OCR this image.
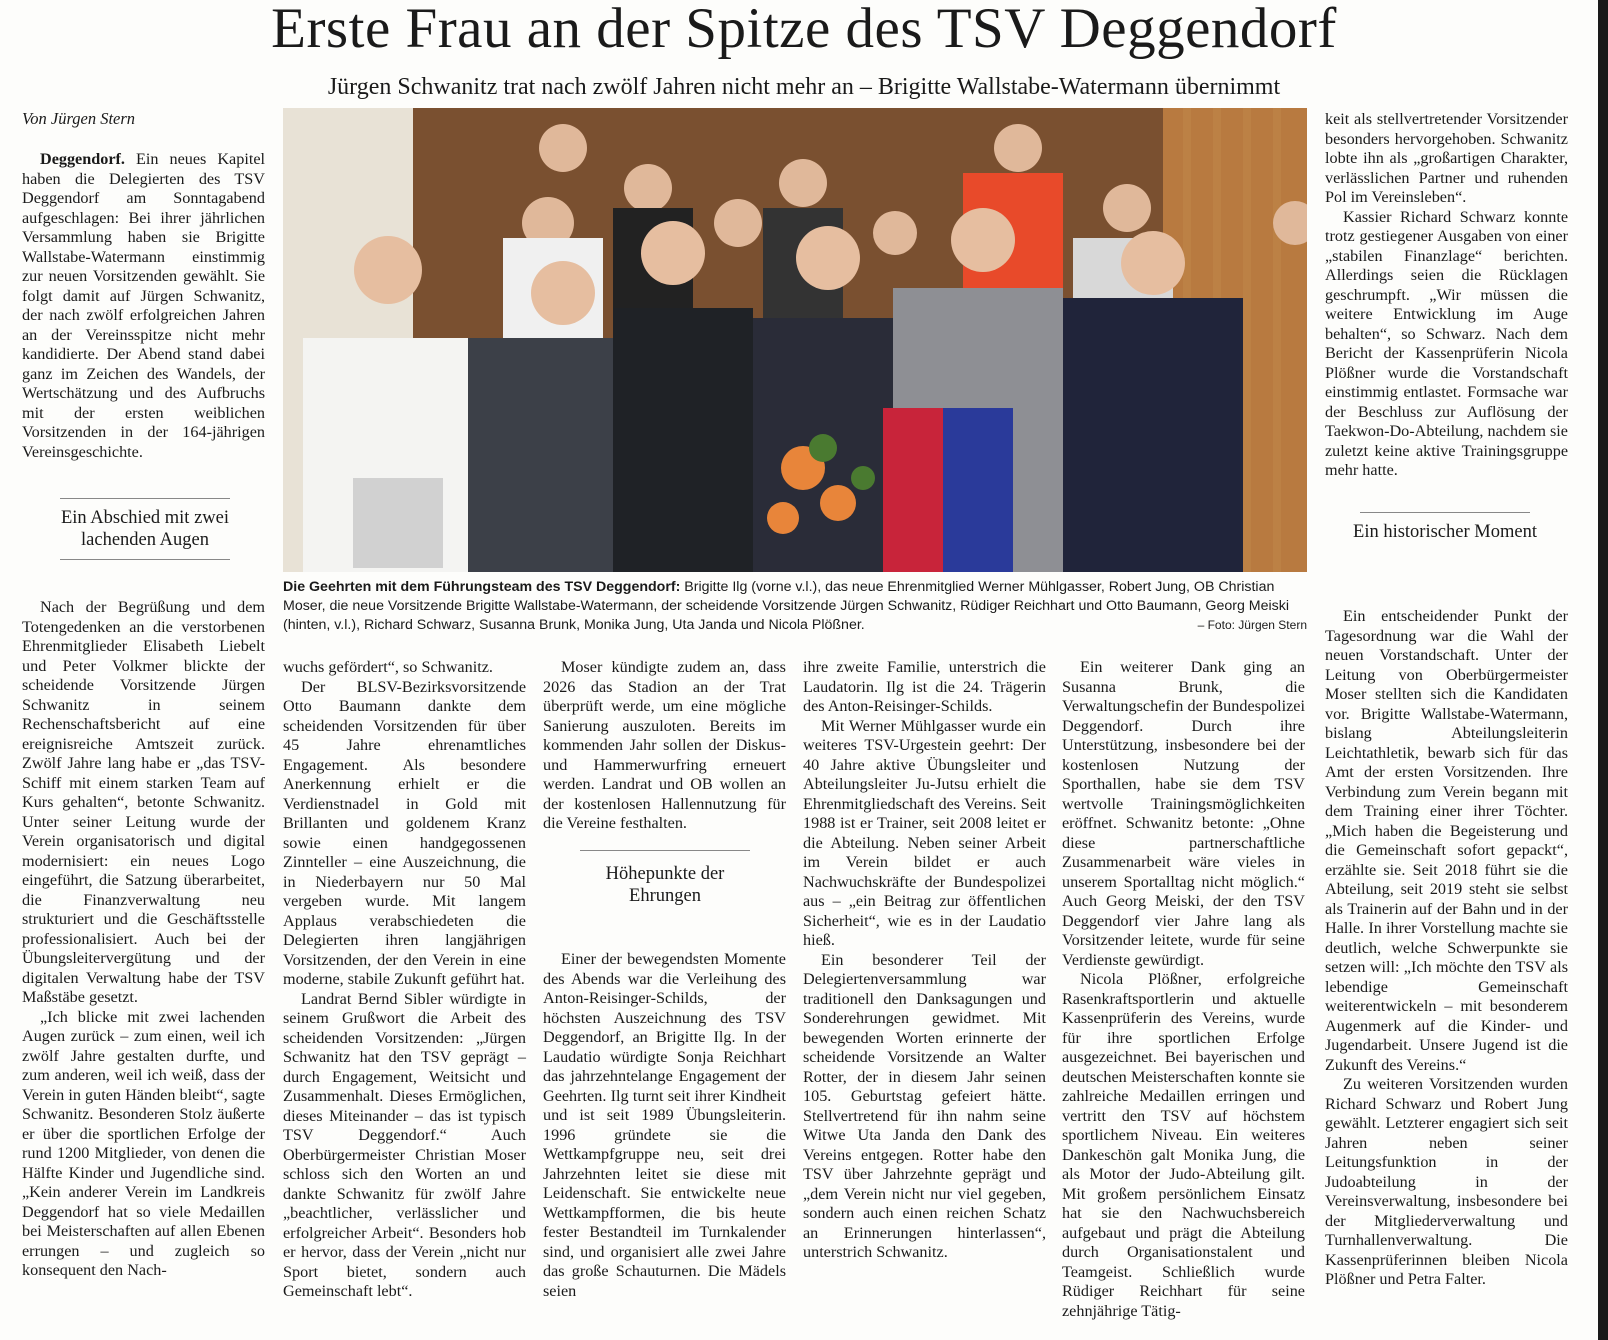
Erste Frau an der Spitze des TSV Deggendorf
Jürgen Schwanitz trat nach zwölf Jahren nicht mehr an – Brigitte Wallstabe-Watermann übernimmt
Von Jürgen Stern

Deggendorf. Ein neues Kapitel haben die Delegierten des TSV Deggendorf am Sonntagabend aufgeschlagen: Bei ihrer jährlichen Versammlung haben sie Brigitte Wallstabe-Watermann einstimmig zur neuen Vorsitzenden gewählt. Sie folgt damit auf Jürgen Schwanitz, der nach zwölf erfolgreichen Jahren an der Vereinsspitze nicht mehr kandidierte. Der Abend stand dabei ganz im Zeichen des Wandels, der Wertschätzung und des Aufbruchs mit der ersten weiblichen Vorsitzenden in der 164-jährigen Vereinsgeschichte.

Ein Abschied mit zwei lachenden Augen

Nach der Begrüßung und dem Totengedenken an die verstorbenen Ehrenmitglieder Elisabeth Liebelt und Peter Volkmer blickte der scheidende Vorsitzende Jürgen Schwanitz in seinem Rechenschaftsbericht auf eine ereignisreiche Amtszeit zurück. Zwölf Jahre lang habe er „das TSV-Schiff mit einem starken Team auf Kurs gehalten“, betonte Schwanitz. Unter seiner Leitung wurde der Verein organisatorisch und digital modernisiert: ein neues Logo eingeführt, die Satzung überarbeitet, die Finanzverwaltung neu strukturiert und die Geschäftsstelle professionalisiert. Auch bei der Übungsleitervergütung und der digitalen Verwaltung habe der TSV Maßstäbe gesetzt.

„Ich blicke mit zwei lachenden Augen zurück – zum einen, weil ich zwölf Jahre gestalten durfte, und zum anderen, weil ich weiß, dass der Verein in guten Händen bleibt“, sagte Schwanitz. Besonderen Stolz äußerte er über die sportlichen Erfolge der rund 1200 Mitglieder, von denen die Hälfte Kinder und Jugendliche sind. „Kein anderer Verein im Landkreis Deggendorf hat so viele Medaillen bei Meisterschaften auf allen Ebenen errungen – und zugleich so konsequent den Nach-

Die Geehrten mit dem Führungsteam des TSV Deggendorf: Brigitte Ilg (vorne v.l.), das neue Ehrenmitglied Werner Mühlgasser, Robert Jung, OB Christian Moser, die neue Vorsitzende Brigitte Wallstabe-Watermann, der scheidende Vorsitzende Jürgen Schwanitz, Rüdiger Reichhart und Otto Baumann, Georg Meiski (hinten, v.l.), Richard Schwarz, Susanna Brunk, Monika Jung, Uta Janda und Nicola Plößner.	– Foto: Jürgen Stern

wuchs gefördert“, so Schwanitz.

Der BLSV-Bezirksvorsitzende Otto Baumann dankte dem scheidenden Vorsitzenden für über 45 Jahre ehrenamtliches Engagement. Als besondere Anerkennung erhielt er die Verdienstnadel in Gold mit Brillanten und goldenem Kranz sowie einen handgegossenen Zinnteller – eine Auszeichnung, die in Niederbayern nur 50 Mal vergeben wurde. Mit langem Applaus verabschiedeten die Delegierten ihren langjährigen Vorsitzenden, der den Verein in eine moderne, stabile Zukunft geführt hat.

Landrat Bernd Sibler würdigte in seinem Grußwort die Arbeit des scheidenden Vorsitzenden: „Jürgen Schwanitz hat den TSV geprägt – durch Engagement, Weitsicht und Zusammenhalt. Dieses Ermöglichen, dieses Miteinander – das ist typisch TSV Deggendorf.“ Auch Oberbürgermeister Christian Moser schloss sich den Worten an und dankte Schwanitz für zwölf Jahre „beachtlicher, verlässlicher und erfolgreicher Arbeit“. Besonders hob er hervor, dass der Verein „nicht nur Sport bietet, sondern auch Gemeinschaft lebt“.

Moser kündigte zudem an, dass 2026 das Stadion an der Trat überprüft werde, um eine mögliche Sanierung auszuloten. Bereits im kommenden Jahr sollen der Diskus- und Hammerwurfring erneuert werden. Landrat und OB wollen an der kostenlosen Hallennutzung für die Vereine festhalten.

Höhepunkte der Ehrungen

Einer der bewegendsten Momente des Abends war die Verleihung des Anton-Reisinger-Schilds, der höchsten Auszeichnung des TSV Deggendorf, an Brigitte Ilg. In der Laudatio würdigte Sonja Reichhart das jahrzehntelange Engagement der Geehrten. Ilg turnt seit ihrer Kindheit und ist seit 1989 Übungsleiterin. 1996 gründete sie die Wettkampfgruppe neu, seit drei Jahrzehnten leitet sie diese mit Leidenschaft. Sie entwickelte neue Wettkampfformen, die bis heute fester Bestandteil im Turnkalender sind, und organisiert alle zwei Jahre das große Schauturnen. Die Mädels seien

ihre zweite Familie, unterstrich die Laudatorin. Ilg ist die 24. Trägerin des Anton-Reisinger-Schilds.

Mit Werner Mühlgasser wurde ein weiteres TSV-Urgestein geehrt: Der 40 Jahre aktive Übungsleiter und Abteilungsleiter Ju-Jutsu erhielt die Ehrenmitgliedschaft des Vereins. Seit 1988 ist er Trainer, seit 2008 leitet er die Abteilung. Neben seiner Arbeit im Verein bildet er auch Nachwuchskräfte der Bundespolizei aus – „ein Beitrag zur öffentlichen Sicherheit“, wie es in der Laudatio hieß.

Ein besonderer Teil der Delegiertenversammlung war traditionell den Danksagungen und Sonderehrungen gewidmet. Mit bewegenden Worten erinnerte der scheidende Vorsitzende an Walter Rotter, der in diesem Jahr seinen 105. Geburtstag gefeiert hätte. Stellvertretend für ihn nahm seine Witwe Uta Janda den Dank des Vereins entgegen. Rotter habe den TSV über Jahrzehnte geprägt und „dem Verein nicht nur viel gegeben, sondern auch einen reichen Schatz an Erinnerungen hinterlassen“, unterstrich Schwanitz.

Ein weiterer Dank ging an Susanna Brunk, die Verwaltungschefin der Bundespolizei Deggendorf. Durch ihre Unterstützung, insbesondere bei der kostenlosen Nutzung der Sporthallen, habe sie dem TSV wertvolle Trainingsmöglichkeiten eröffnet. Schwanitz betonte: „Ohne diese partnerschaftliche Zusammenarbeit wäre vieles in unserem Sportalltag nicht möglich.“ Auch Georg Meiski, der den TSV Deggendorf vier Jahre lang als Vorsitzender leitete, wurde für seine Verdienste gewürdigt.

Nicola Plößner, erfolgreiche Rasenkraftsportlerin und aktuelle Kassenprüferin des Vereins, wurde für ihre sportlichen Erfolge ausgezeichnet. Bei bayerischen und deutschen Meisterschaften konnte sie zahlreiche Medaillen erringen und vertritt den TSV auf höchstem sportlichem Niveau. Ein weiteres Dankeschön galt Monika Jung, die als Motor der Judo-Abteilung gilt. Mit großem persönlichem Einsatz hat sie den Nachwuchsbereich aufgebaut und prägt die Abteilung durch Organisationstalent und Teamgeist. Schließlich wurde Rüdiger Reichhart für seine zehnjährige Tätig-

keit als stellvertretender Vorsitzender besonders hervorgehoben. Schwanitz lobte ihn als „großartigen Charakter, verlässlichen Partner und ruhenden Pol im Vereinsleben“.

Kassier Richard Schwarz konnte trotz gestiegener Ausgaben von einer „stabilen Finanzlage“ berichten. Allerdings seien die Rücklagen geschrumpft. „Wir müssen die weitere Entwicklung im Auge behalten“, so Schwarz. Nach dem Bericht der Kassenprüferin Nicola Plößner wurde die Vorstandschaft einstimmig entlastet. Formsache war der Beschluss zur Auflösung der Taekwon-Do-Abteilung, nachdem sie zuletzt keine aktive Trainingsgruppe mehr hatte.

Ein historischer Moment

Ein entscheidender Punkt der Tagesordnung war die Wahl der neuen Vorstandschaft. Unter der Leitung von Oberbürgermeister Moser stellten sich die Kandidaten vor. Brigitte Wallstabe-Watermann, bislang Abteilungsleiterin Leichtathletik, bewarb sich für das Amt der ersten Vorsitzenden. Ihre Verbindung zum Verein begann mit dem Training einer ihrer Töchter. „Mich haben die Begeisterung und die Gemeinschaft sofort gepackt“, erzählte sie. Seit 2018 führt sie die Abteilung, seit 2019 steht sie selbst als Trainerin auf der Bahn und in der Halle. In ihrer Vorstellung machte sie deutlich, welche Schwerpunkte sie setzen will: „Ich möchte den TSV als lebendige Gemeinschaft weiterentwickeln – mit besonderem Augenmerk auf die Kinder- und Jugendarbeit. Unsere Jugend ist die Zukunft des Vereins.“

Zu weiteren Vorsitzenden wurden Richard Schwarz und Robert Jung gewählt. Letzterer engagiert sich seit Jahren neben seiner Leitungsfunktion in der Judoabteilung in der Vereinsverwaltung, insbesondere bei der Mitgliederverwaltung und Turnhallenverwaltung. Die Kassenprüferinnen bleiben Nicola Plößner und Petra Falter.
